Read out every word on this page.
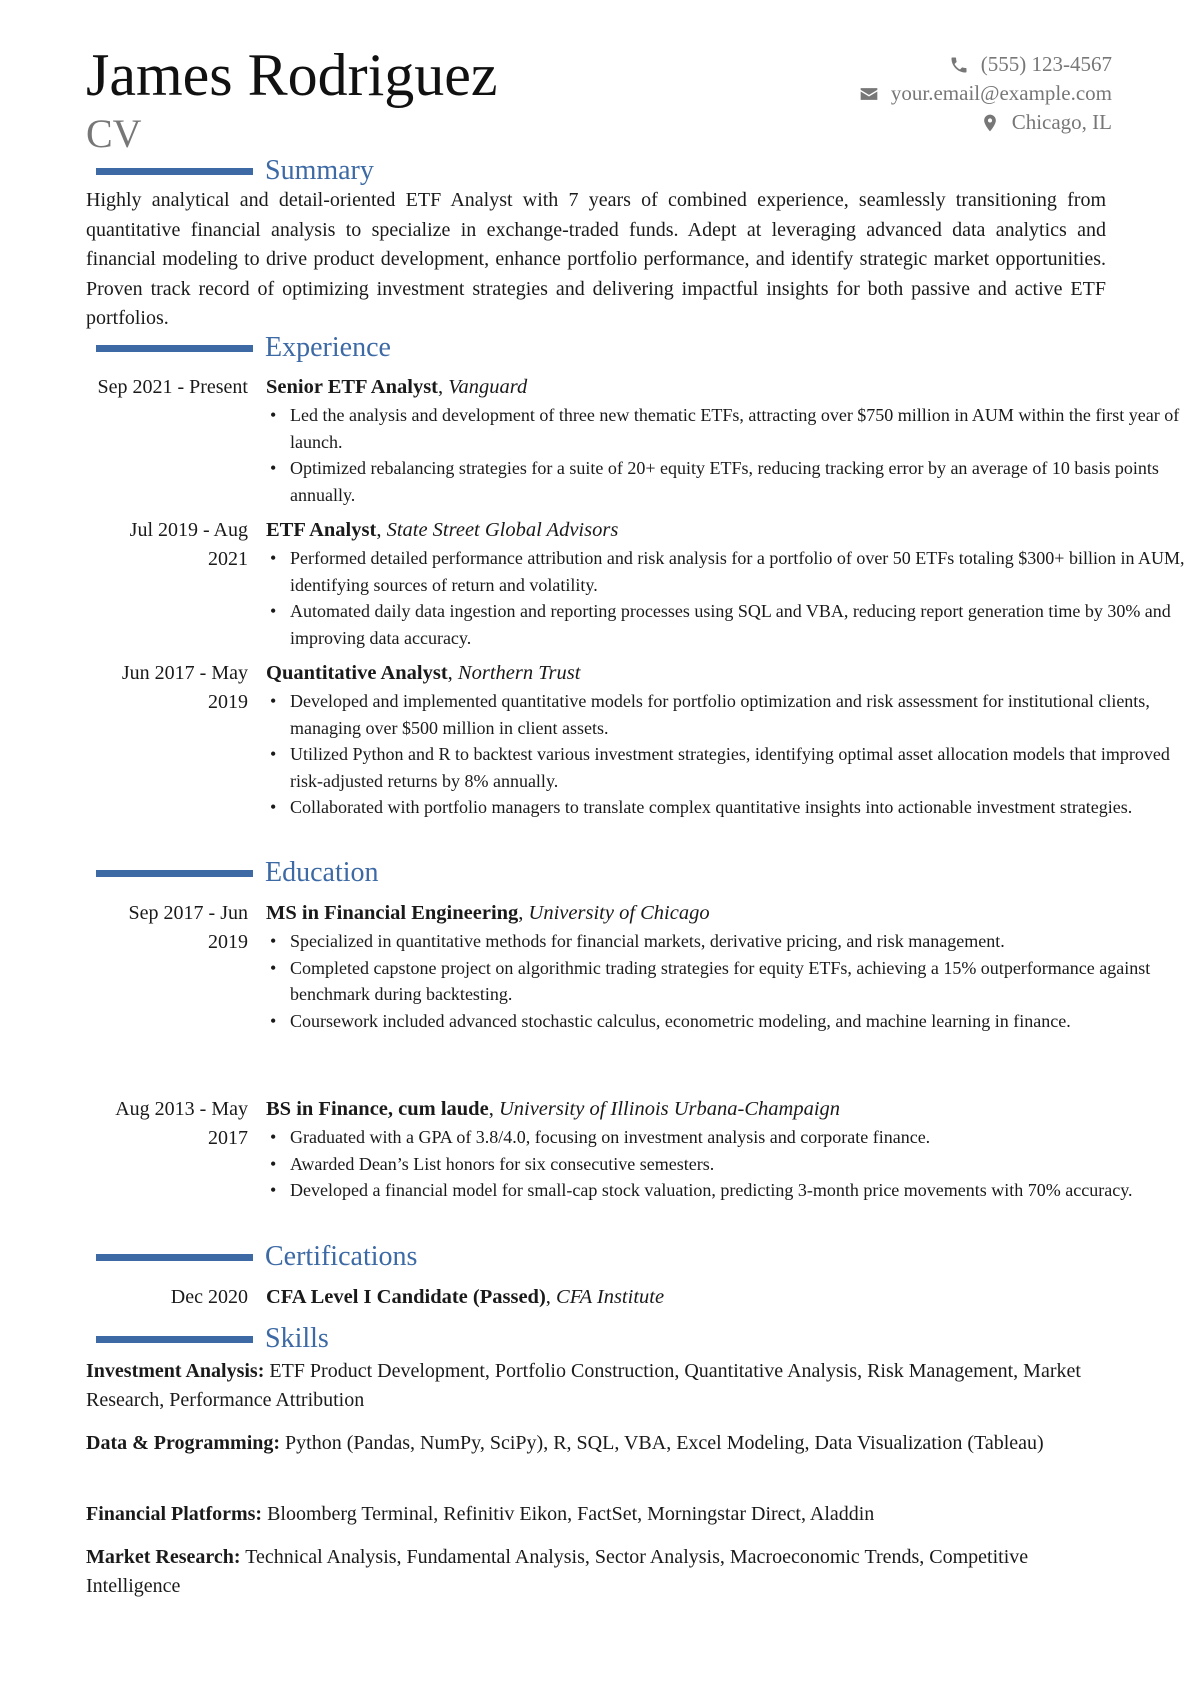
James Rodriguez
CV
(555) 123-4567
your.email@example.com
Chicago, IL
Summary
Highly analytical and detail-oriented ETF Analyst with 7 years of combined experience, seamlessly transitioning from quantitative financial analysis to specialize in exchange-traded funds. Adept at leveraging advanced data analytics and financial modeling to drive product development, enhance portfolio performance, and identify strategic market opportunities. Proven track record of optimizing investment strategies and delivering impactful insights for both passive and active ETF portfolios.
Experience
Sep 2021 - Present Senior ETF Analyst, Vanguard
• Led the analysis and development of three new thematic ETFs, attracting over $750 million in AUM within the first year of launch.
• Optimized rebalancing strategies for a suite of 20+ equity ETFs, reducing tracking error by an average of 10 basis points annually.
Jul 2019 - Aug 2021
ETF Analyst, State Street Global Advisors
• Performed detailed performance attribution and risk analysis for a portfolio of over 50 ETFs totaling $300+ billion in AUM, identifying sources of return and volatility.
• Automated daily data ingestion and reporting processes using SQL and VBA, reducing report generation time by 30% and improving data accuracy.
Jun 2017 - May 2019
Quantitative Analyst, Northern Trust
• Developed and implemented quantitative models for portfolio optimization and risk assessment for institutional clients, managing over $500 million in client assets.
• Utilized Python and R to backtest various investment strategies, identifying optimal asset allocation models that improved risk-adjusted returns by 8% annually.
• Collaborated with portfolio managers to translate complex quantitative insights into actionable investment strategies.
Education
Sep 2017 - Jun 2019
MS in Financial Engineering, University of Chicago
• Specialized in quantitative methods for financial markets, derivative pricing, and risk management.
• Completed capstone project on algorithmic trading strategies for equity ETFs, achieving a 15% outperformance against benchmark during backtesting.
• Coursework included advanced stochastic calculus, econometric modeling, and machine learning in finance.
Aug 2013 - May 2017
BS in Finance, cum laude, University of Illinois Urbana-Champaign
• Graduated with a GPA of 3.8/4.0, focusing on investment analysis and corporate finance.
• Awarded Dean’s List honors for six consecutive semesters.
• Developed a financial model for small-cap stock valuation, predicting 3-month price movements with 70% accuracy.
Certifications
Dec 2020 CFA Level I Candidate (Passed), CFA Institute
Skills
Investment Analysis: ETF Product Development, Portfolio Construction, Quantitative Analysis, Risk Management, Market Research, Performance Attribution
Data & Programming: Python (Pandas, NumPy, SciPy), R, SQL, VBA, Excel Modeling, Data Visualization (Tableau)
Financial Platforms: Bloomberg Terminal, Refinitiv Eikon, FactSet, Morningstar Direct, Aladdin
Market Research: Technical Analysis, Fundamental Analysis, Sector Analysis, Macroeconomic Trends, Competitive Intelligence
